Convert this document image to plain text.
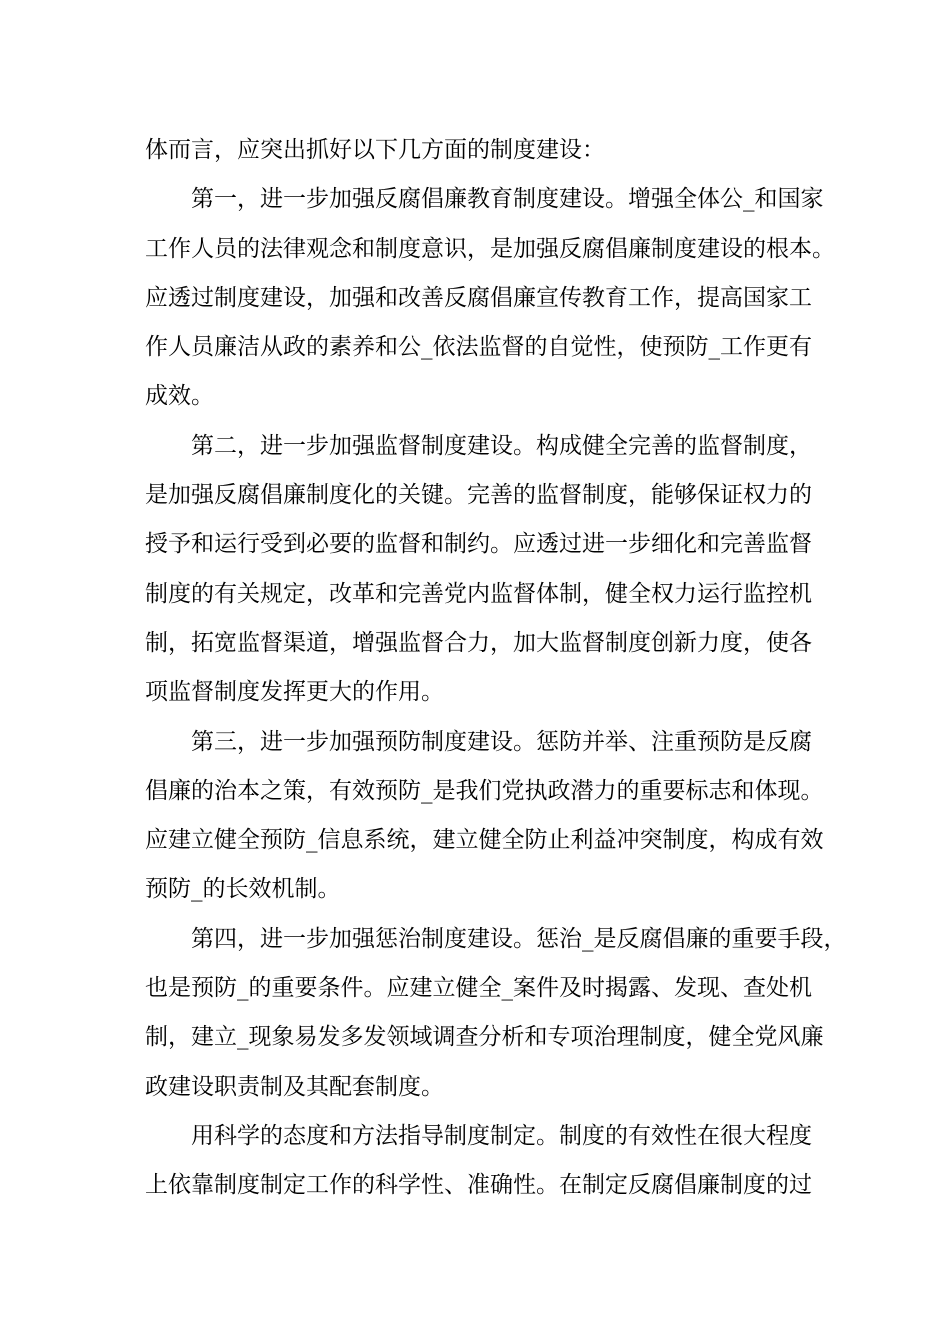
体而言，应突出抓好以下几方面的制度建设：
第一，进一步加强反腐倡廉教育制度建设。增强全体公_和国家
工作人员的法律观念和制度意识，是加强反腐倡廉制度建设的根本。
应透过制度建设，加强和改善反腐倡廉宣传教育工作，提高国家工
作人员廉洁从政的素养和公_依法监督的自觉性，使预防_工作更有
成效。
第二，进一步加强监督制度建设。构成健全完善的监督制度，
是加强反腐倡廉制度化的关键。完善的监督制度，能够保证权力的
授予和运行受到必要的监督和制约。应透过进一步细化和完善监督
制度的有关规定，改革和完善党内监督体制，健全权力运行监控机
制，拓宽监督渠道，增强监督合力，加大监督制度创新力度，使各
项监督制度发挥更大的作用。
第三，进一步加强预防制度建设。惩防并举、注重预防是反腐
倡廉的治本之策，有效预防_是我们党执政潜力的重要标志和体现。
应建立健全预防_信息系统，建立健全防止利益冲突制度，构成有效
预防_的长效机制。
第四，进一步加强惩治制度建设。惩治_是反腐倡廉的重要手段，
也是预防_的重要条件。应建立健全_案件及时揭露、发现、查处机
制，建立_现象易发多发领域调查分析和专项治理制度，健全党风廉
政建设职责制及其配套制度。
用科学的态度和方法指导制度制定。制度的有效性在很大程度
上依靠制度制定工作的科学性、准确性。在制定反腐倡廉制度的过
